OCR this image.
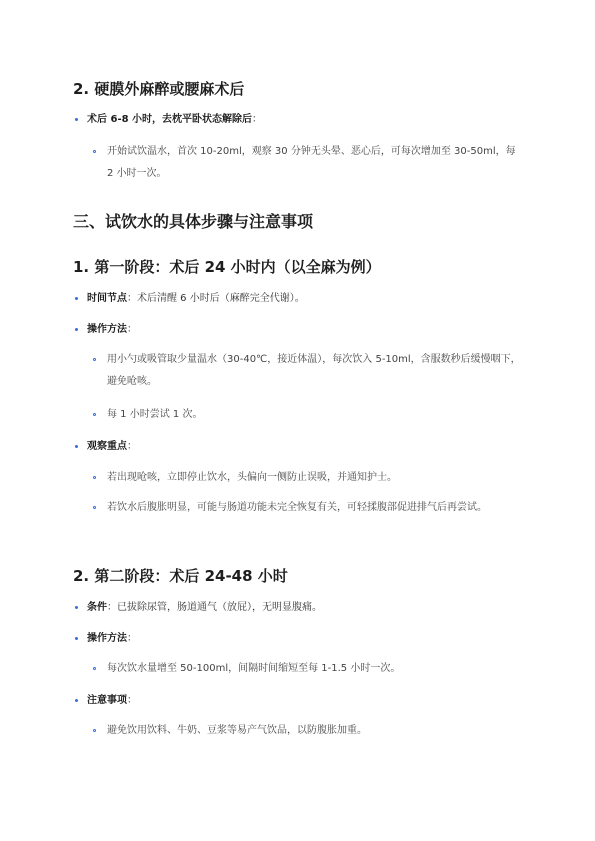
2. 硬膜外麻醉或腰麻术后
术后 6-8 小时，去枕平卧状态解除后：
开始试饮温水，首次 10-20ml，观察 30 分钟无头晕、恶心后，可每次增加至 30-50ml，每 2 小时一次。
三、试饮水的具体步骤与注意事项
1. 第一阶段：术后 24 小时内（以全麻为例）
时间节点：术后清醒 6 小时后（麻醉完全代谢）。
操作方法：
用小勺或吸管取少量温水（30-40℃，接近体温），每次饮入 5-10ml，含服数秒后缓慢咽下，避免呛咳。
每 1 小时尝试 1 次。
观察重点：
若出现呛咳，立即停止饮水，头偏向一侧防止误吸，并通知护士。
若饮水后腹胀明显，可能与肠道功能未完全恢复有关，可轻揉腹部促进排气后再尝试。
2. 第二阶段：术后 24-48 小时
条件：已拔除尿管，肠道通气（放屁），无明显腹痛。
操作方法：
每次饮水量增至 50-100ml，间隔时间缩短至每 1-1.5 小时一次。
注意事项：
避免饮用饮料、牛奶、豆浆等易产气饮品，以防腹胀加重。
